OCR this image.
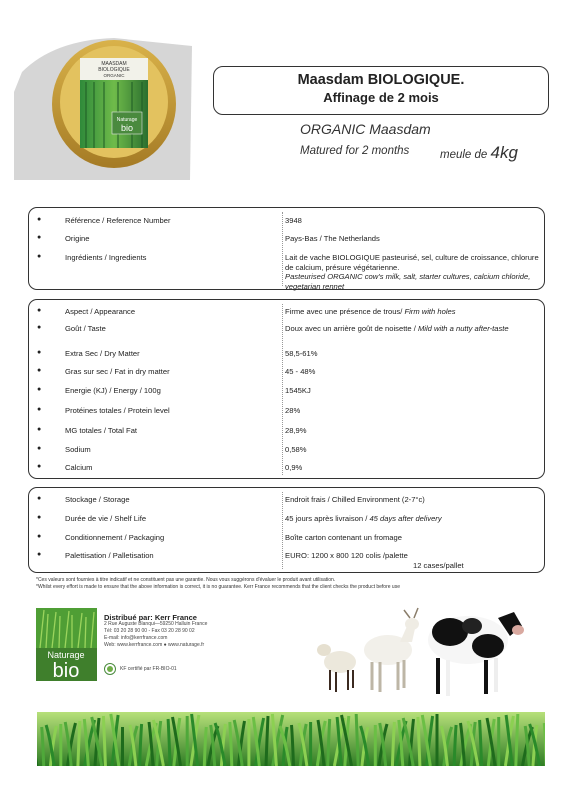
MAASDAM
BIOLOGIQUE
ORGANIC
Naturage
bio
Maasdam BIOLOGIQUE.
Affinage de 2 mois
ORGANIC Maasdam
Matured for 2 months	meule de 4kg
●	Référence / Reference Number	3948
●	Origine	Pays-Bas / The Netherlands
●	Ingrédients / Ingredients	Lait de vache BIOLOGIQUE pasteurisé, sel, culture de croissance, chlorure de calcium, présure végétarienne.
Pasteurised ORGANIC cow's milk, salt, starter cultures, calcium chloride, vegetarian rennet
●	Aspect / Appearance	Firme avec une présence de trous/ Firm with holes
●	Goût / Taste	Doux avec un arrière goût de noisette / Mild with a nutty after-taste
●	Extra Sec / Dry Matter	58,5-61%
●	Gras sur sec / Fat in dry matter	45 - 48%
●	Energie (KJ) / Energy / 100g	1545KJ
●	Protéines totales / Protein level	28%
●	MG totales / Total Fat	28,9%
●	Sodium	0,58%
●	Calcium	0,9%
●	Stockage / Storage	Endroit frais / Chilled Environment (2-7°c)
●	Durée de vie / Shelf Life	45 jours après livraison / 45 days after delivery
●	Conditionnement / Packaging	Boîte carton contenant un fromage
●	Palettisation / Palletisation	EURO: 1200 x 800 120 colis /palette
12 cases/pallet
*Ces valeurs sont fournies à titre indicatif et ne constituent pas une garantie. Nous vous suggérons d'évaluer le produit avant utilisation.
*Whilst every effort is made to ensure that the above information is correct, it is no guarantee. Kerr France recommends that the client checks the product before use
Naturage
bio
Distribué par: Kerr France
2 Rue Auguste Blanqui—59250 Halluin France
Tél: 03 20 28 90 00 - Fax 03 20 28 90 02
E-mail: info@kerrfrance.com
Web: www.kerrfrance.com ● www.naturage.fr
KF certifié par FR-BIO-01
